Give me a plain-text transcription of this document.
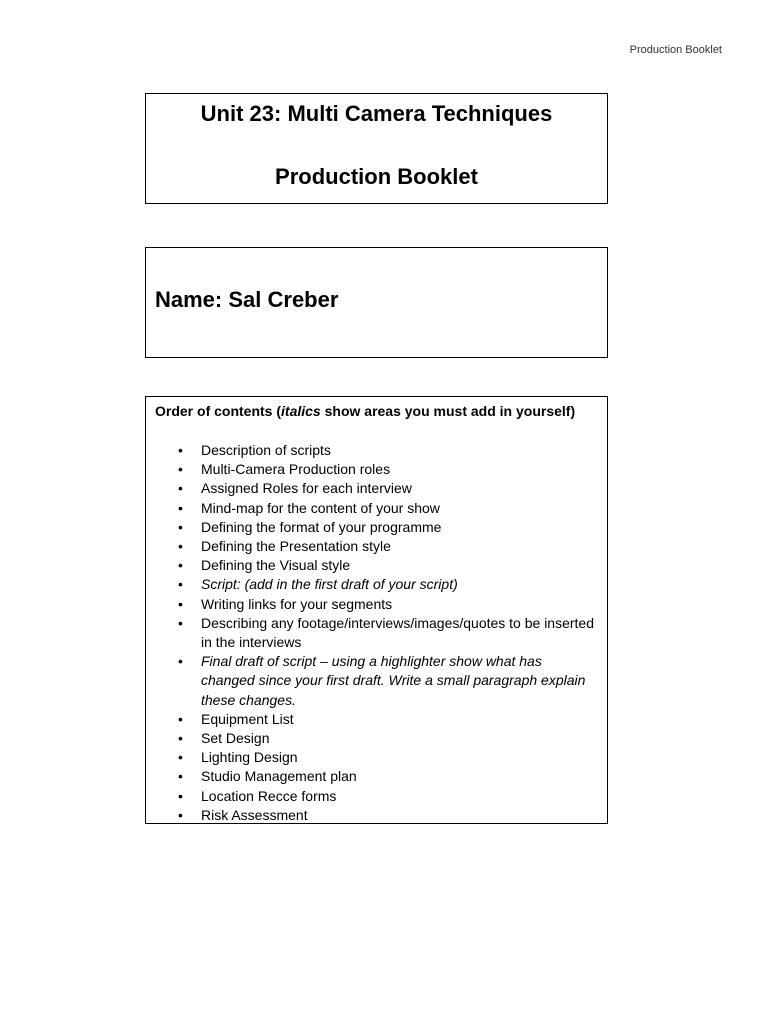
Production Booklet
Unit 23: Multi Camera Techniques
Production Booklet
Name: Sal Creber
Order of contents (italics show areas you must add in yourself)
• Description of scripts
• Multi-Camera Production roles
• Assigned Roles for each interview
• Mind-map for the content of your show
• Defining the format of your programme
• Defining the Presentation style
• Defining the Visual style
• Script: (add in the first draft of your script)
• Writing links for your segments
• Describing any footage/interviews/images/quotes to be inserted in the interviews
• Final draft of script – using a highlighter show what has changed since your first draft. Write a small paragraph explain these changes.
• Equipment List
• Set Design
• Lighting Design
• Studio Management plan
• Location Recce forms
• Risk Assessment
